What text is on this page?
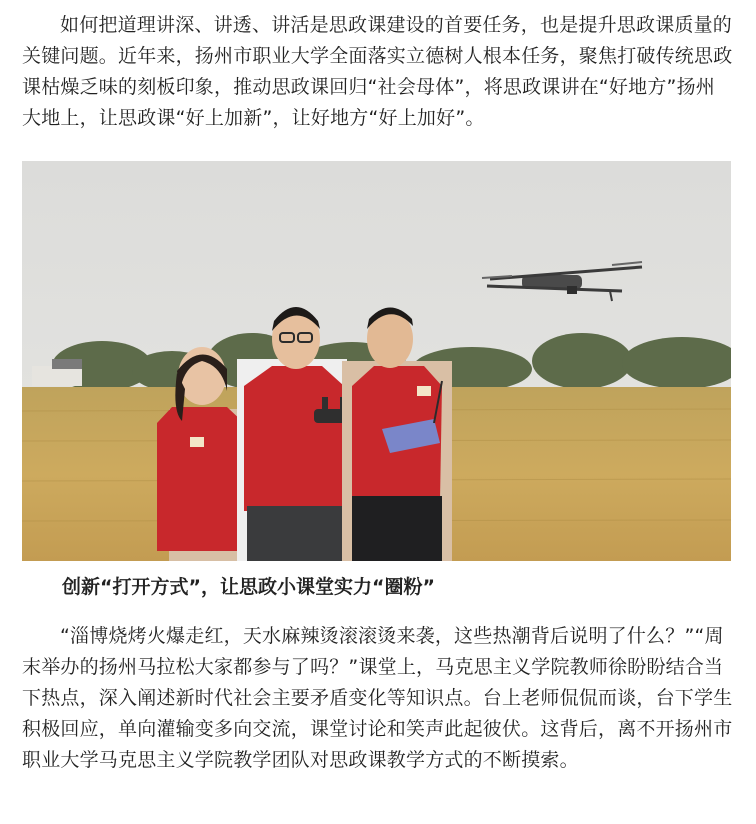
如何把道理讲深、讲透、讲活是思政课建设的首要任务，也是提升思政课质量的关键问题。近年来，扬州市职业大学全面落实立德树人根本任务，聚焦打破传统思政课枯燥乏味的刻板印象，推动思政课回归“社会母体”，将思政课讲在“好地方”扬州大地上，让思政课“好上加新”，让好地方“好上加好”。
创新“打开方式”，让思政小课堂实力“圈粉”
“淄博烧烤火爆走红，天水麻辣烫滚滚烫来袭，这些热潮背后说明了什么？”“周末举办的扬州马拉松大家都参与了吗？”课堂上，马克思主义学院教师徐盼盼结合当下热点，深入阐述新时代社会主要矛盾变化等知识点。台上老师侃侃而谈，台下学生积极回应，单向灌输变多向交流，课堂讨论和笑声此起彼伏。这背后，离不开扬州市职业大学马克思主义学院教学团队对思政课教学方式的不断摸索。
